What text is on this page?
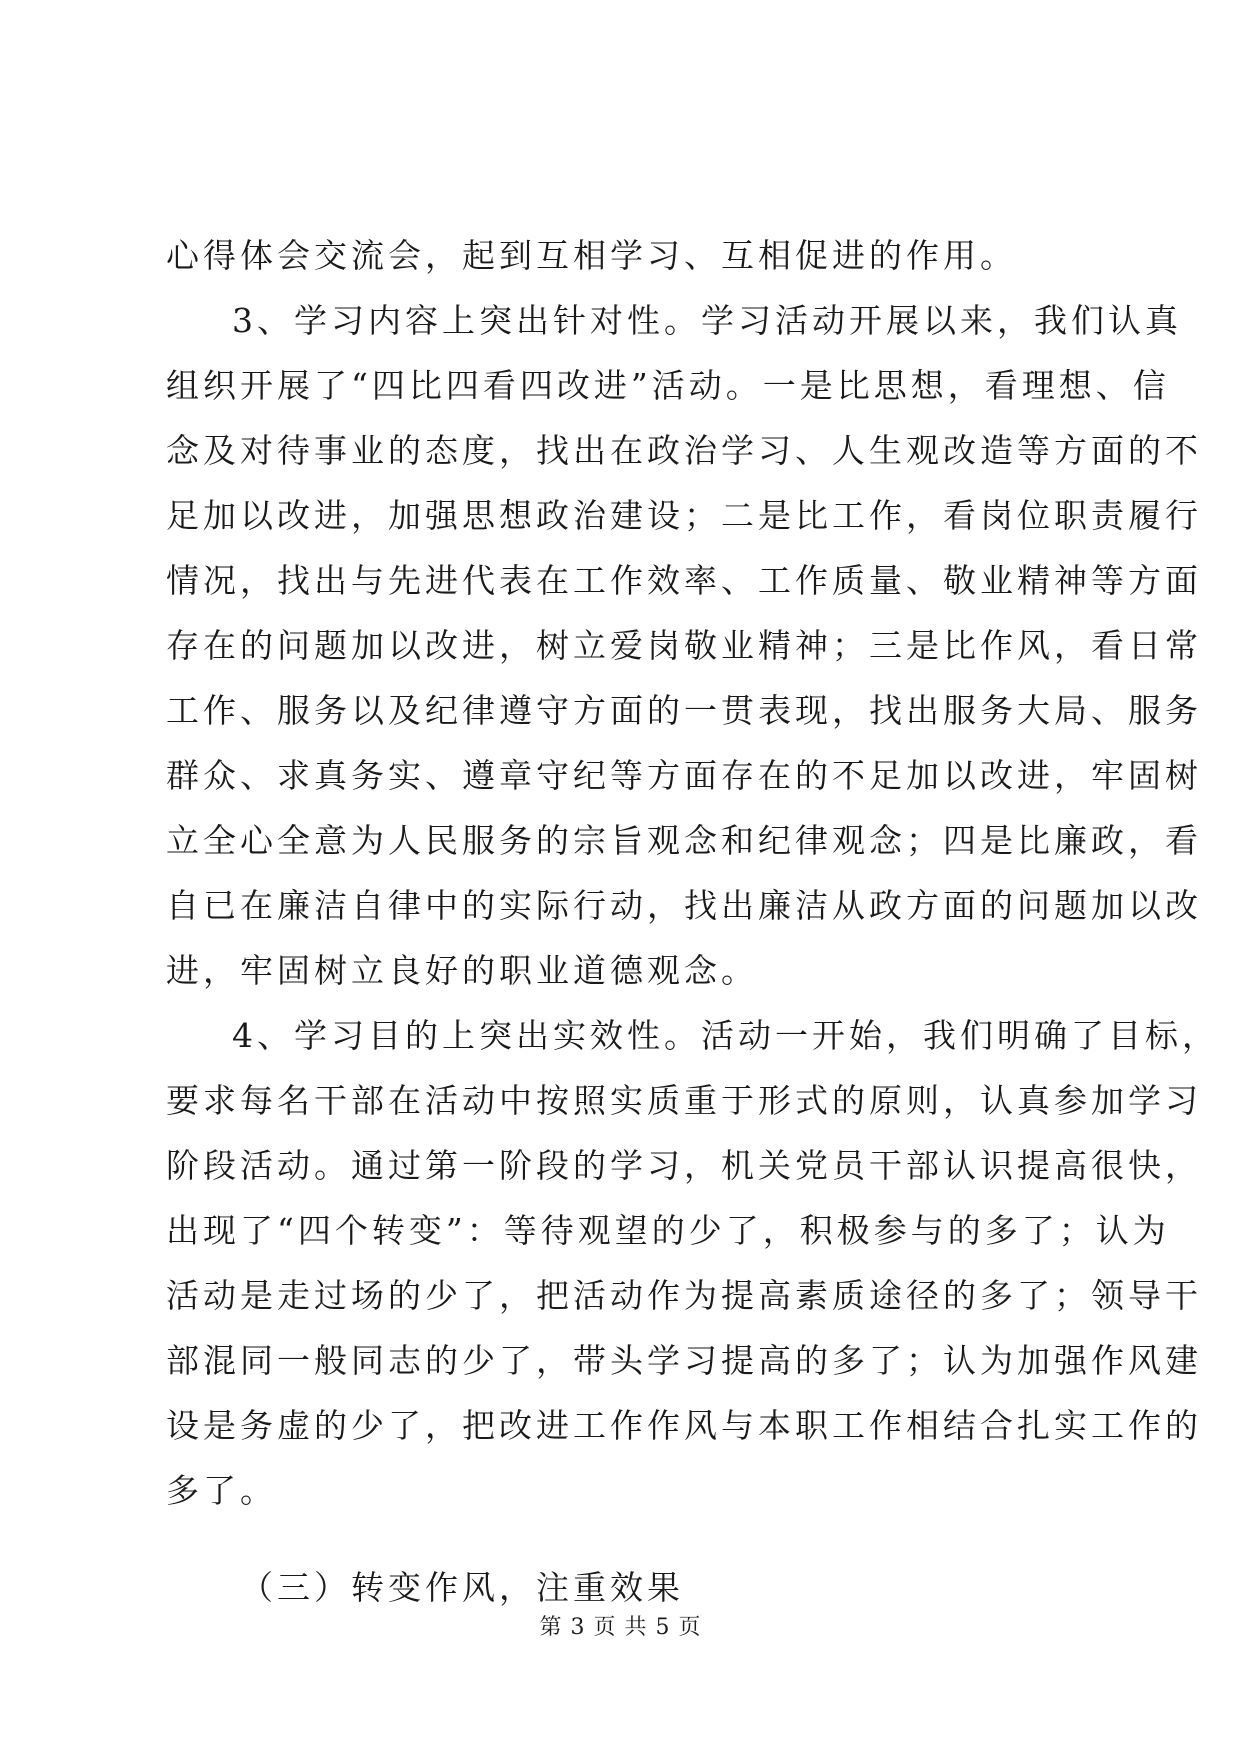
心得体会交流会，起到互相学习、互相促进的作用。
3、学习内容上突出针对性。学习活动开展以来，我们认真
组织开展了“四比四看四改进”活动。一是比思想，看理想、信
念及对待事业的态度，找出在政治学习、人生观改造等方面的不
足加以改进，加强思想政治建设；二是比工作，看岗位职责履行
情况，找出与先进代表在工作效率、工作质量、敬业精神等方面
存在的问题加以改进，树立爱岗敬业精神；三是比作风，看日常
工作、服务以及纪律遵守方面的一贯表现，找出服务大局、服务
群众、求真务实、遵章守纪等方面存在的不足加以改进，牢固树
立全心全意为人民服务的宗旨观念和纪律观念；四是比廉政，看
自已在廉洁自律中的实际行动，找出廉洁从政方面的问题加以改
进，牢固树立良好的职业道德观念。
4、学习目的上突出实效性。活动一开始，我们明确了目标，
要求每名干部在活动中按照实质重于形式的原则，认真参加学习
阶段活动。通过第一阶段的学习，机关党员干部认识提高很快，
出现了“四个转变”：等待观望的少了，积极参与的多了；认为
活动是走过场的少了，把活动作为提高素质途径的多了；领导干
部混同一般同志的少了，带头学习提高的多了；认为加强作风建
设是务虚的少了，把改进工作作风与本职工作相结合扎实工作的
多了。
（三）转变作风，注重效果
第 3 页 共 5 页
